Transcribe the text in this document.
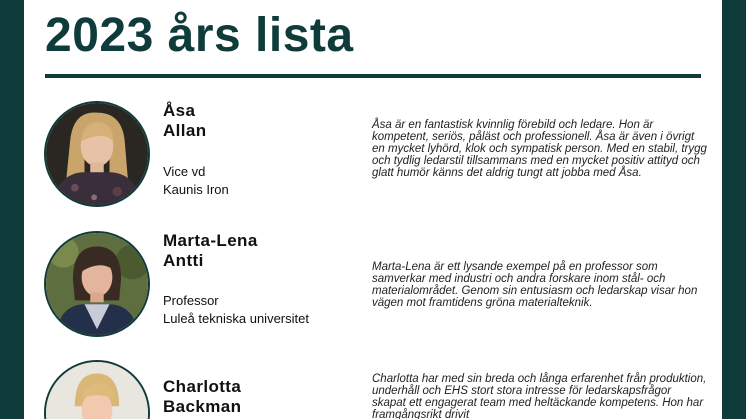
2023 års lista
Åsa
Allan
Vice vd
Kaunis Iron
Åsa är en fantastisk kvinnlig förebild och ledare. Hon är kompetent, seriös, påläst och professionell. Åsa är även i övrigt en mycket lyhörd, klok och sympatisk person. Med en stabil, trygg och tydlig ledarstil tillsammans med en mycket positiv attityd och glatt humör känns det aldrig tungt att jobba med Åsa.
Marta-Lena
Antti
Professor
Luleå tekniska universitet
Marta-Lena är ett lysande exempel på en professor som samverkar med industri och andra forskare inom stål- och materialområdet. Genom sin entusiasm och ledarskap visar hon vägen mot framtidens gröna materialteknik.
Charlotta
Backman
Charlotta har med sin breda och långa erfarenhet från produktion, underhåll och EHS stort stora intresse för ledarskapsfrågor skapat ett engagerat team med heltäckande kompetens. Hon har framgångsrikt drivit
